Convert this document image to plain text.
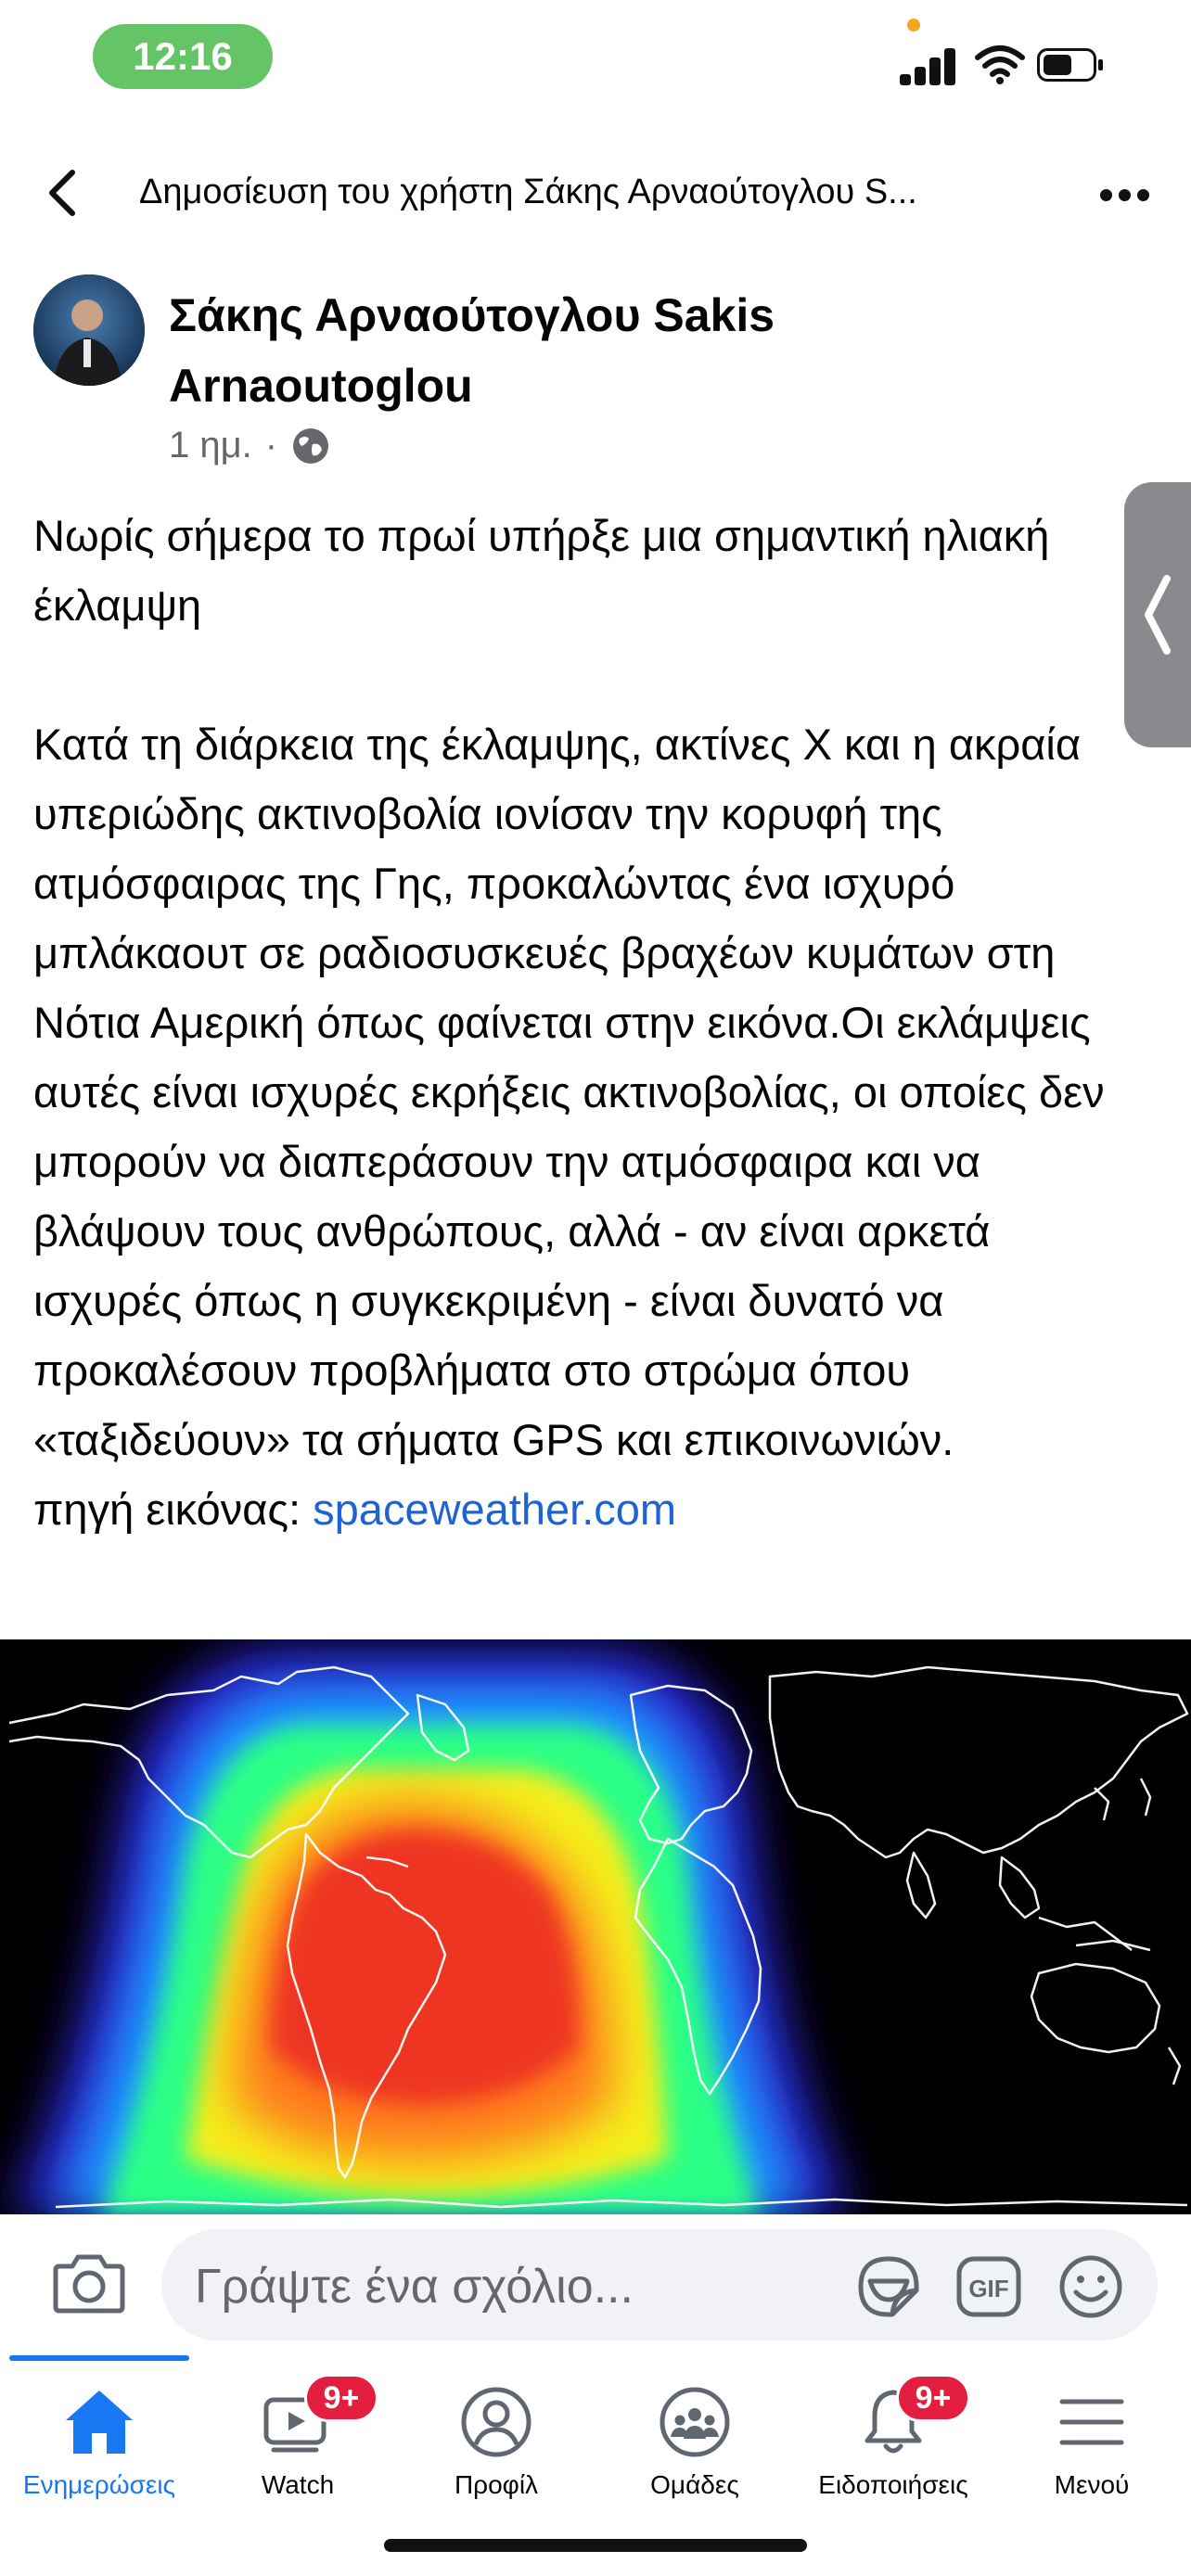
12:16
Δημοσίευση του χρήστη Σάκης Αρναούτογλου S...
Σάκης Αρναούτογλου Sakis Arnaoutoglou
1 ημ. ·

Νωρίς σήμερα το πρωί υπήρξε μια σημαντική ηλιακή έκλαμψη

Κατά τη διάρκεια της έκλαμψης, ακτίνες Χ και η ακραία υπεριώδης ακτινοβολία ιονίσαν την κορυφή της ατμόσφαιρας της Γης, προκαλώντας ένα ισχυρό μπλάκαουτ σε ραδιοσυσκευές βραχέων κυμάτων στη Νότια Αμερική όπως φαίνεται στην εικόνα.Οι εκλάμψεις αυτές είναι ισχυρές εκρήξεις ακτινοβολίας, οι οποίες δεν μπορούν να διαπεράσουν την ατμόσφαιρα και να βλάψουν τους ανθρώπους, αλλά - αν είναι αρκετά ισχυρές όπως η συγκεκριμένη - είναι δυνατό να προκαλέσουν προβλήματα στο στρώμα όπου «ταξιδεύουν» τα σήματα GPS και επικοινωνιών.

πηγή εικόνας: spaceweather.com

Γράψτε ένα σχόλιο...	GIF
Ενημερώσεις
9+
Watch	Προφίλ	Ομάδες
9+
Ειδοποιήσεις	Μενού
